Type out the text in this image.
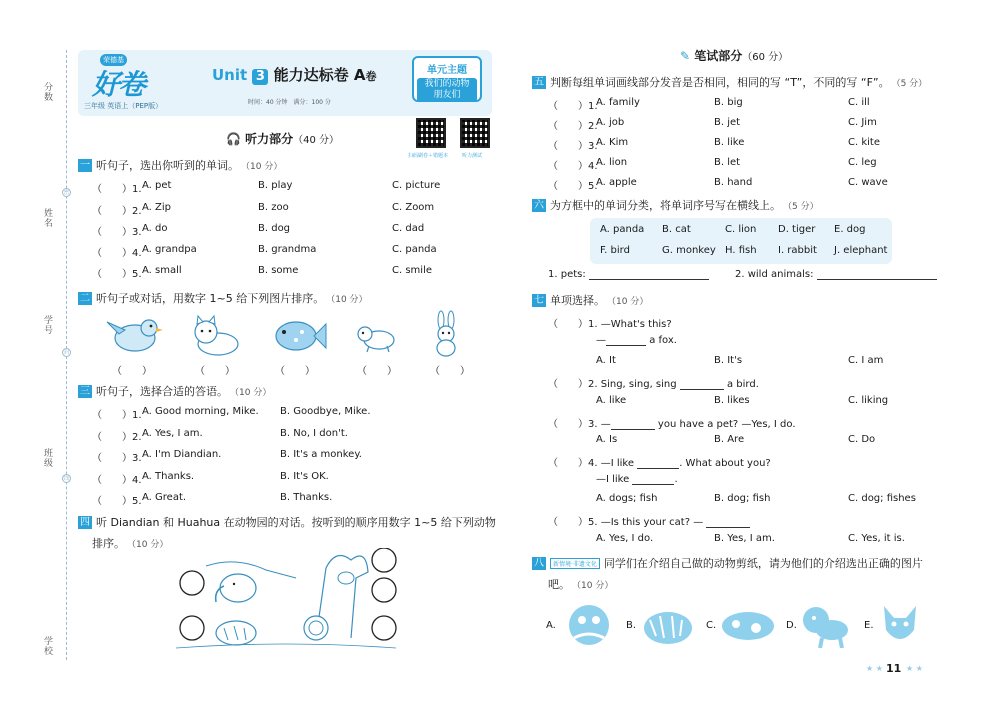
分数
姓名
学号
班级
学校
密
封
线
荣德基
好卷
三年级 英语上（PEP版）
Unit 3 能力达标卷 A卷
时间：40 分钟　满分：100 分
单元主题
我们的动物
朋友们
扫码刷卷＋错题本	听力测试
🎧 听力部分（40 分）
一 听句子，选出你听到的单词。 （10 分）
（　　）1. A. pet	B. play	C. picture
（　　）2. A. Zip	B. zoo	C. Zoom
（　　）3. A. do	B. dog	C. dad
（　　）4. A. grandpa	B. grandma	C. panda
（　　）5. A. small	B. some	C. smile
二 听句子或对话，用数字 1~5 给下列图片排序。 （10 分）
（　　）	（　　）	（　　）	（　　）	（　　）
三 听句子，选择合适的答语。 （10 分）
（　　）1. A. Good morning, Mike. B. Goodbye, Mike.
（　　）2. A. Yes, I am.	B. No, I don't.
（　　）3. A. I'm Diandian.	B. It's a monkey.
（　　）4. A. Thanks.	B. It's OK.
（　　）5. A. Great.	B. Thanks.
四 听 Diandian 和 Huahua 在动物园的对话。按听到的顺序用数字 1~5 给下列动物
排序。 （10 分）
✎ 笔试部分（60 分）
五 判断每组单词画线部分发音是否相同，相同的写 “T”，不同的写 “F”。 （5 分）
（　　）1.
A. family	B. big	C. ill
（　　）2.
A. job	B. jet	C. Jim
（　　）3.
A. Kim	B. like	C. kite
（　　）4.
A. lion	B. let	C. leg
（　　）5.
A. apple	B. hand	C. wave
六 为方框中的单词分类，将单词序号写在横线上。 （5 分）
A. panda B. cat	C. lion D. tiger E. dog
F. bird	G. monkey H. fish I. rabbit J. elephant
1. pets:	2. wild animals:
七 单项选择。 （10 分）
（　　）1. —What's this?
—	a fox.
A. It	B. It's	C. I am
（　　）2. Sing, sing, sing	a bird.
A. like	B. likes	C. liking
（　　）3. —	you have a pet? —Yes, I do.
A. Is	B. Are	C. Do
（　　）4. —I like	. What about you?
—I like	.
A. dogs; fish	B. dog; fish	C. dog; fishes
（　　）5. —Is this your cat? —
A. Yes, I do.	B. Yes, I am.	C. Yes, it is.
八	新情境·非遗文化 同学们在介绍自己做的动物剪纸，请为他们的介绍选出正确的图片
吧。 （10 分）
A.	B.	C.	D.	E.
★ ★ 11 ★ ★
